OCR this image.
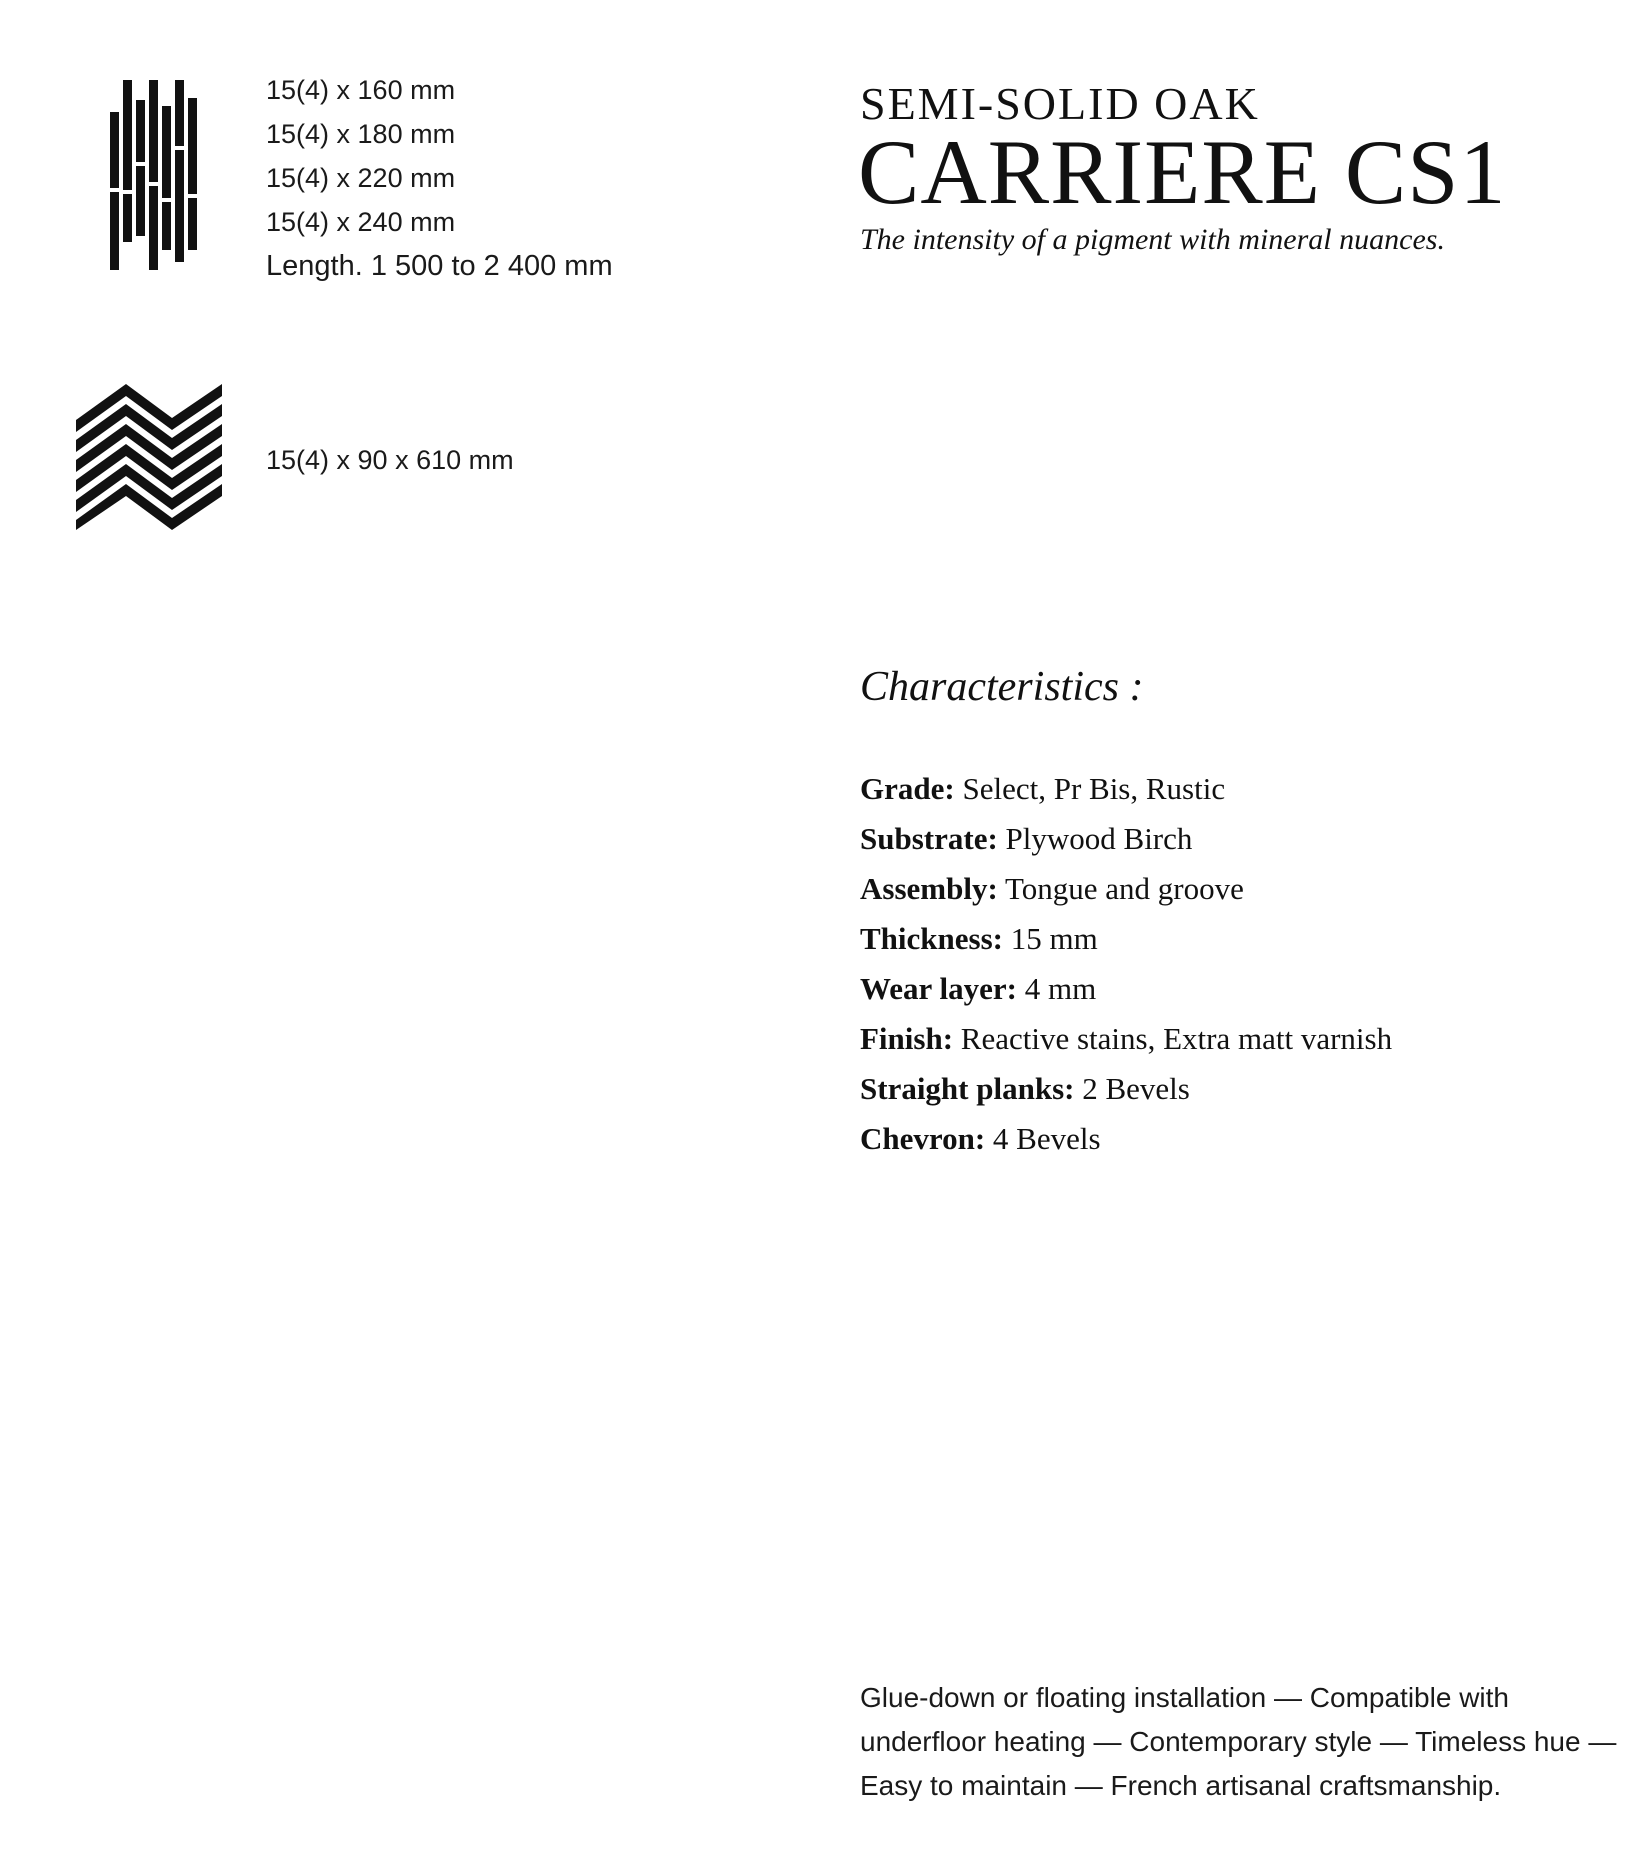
15(4) x 160 mm
15(4) x 180 mm
15(4) x 220 mm
15(4) x 240 mm
Length. 1 500 to 2 400 mm
15(4) x 90 x 610 mm
SEMI-SOLID OAK
CARRIERE CS1
The intensity of a pigment with mineral nuances.
Characteristics :
Grade: Select, Pr Bis, Rustic
Substrate: Plywood Birch
Assembly: Tongue and groove
Thickness: 15 mm
Wear layer: 4 mm
Finish: Reactive stains, Extra matt varnish
Straight planks: 2 Bevels
Chevron: 4 Bevels
Glue-down or floating installation — Compatible with underfloor heating — Contemporary style — Timeless hue — Easy to maintain — French artisanal craftsmanship.
